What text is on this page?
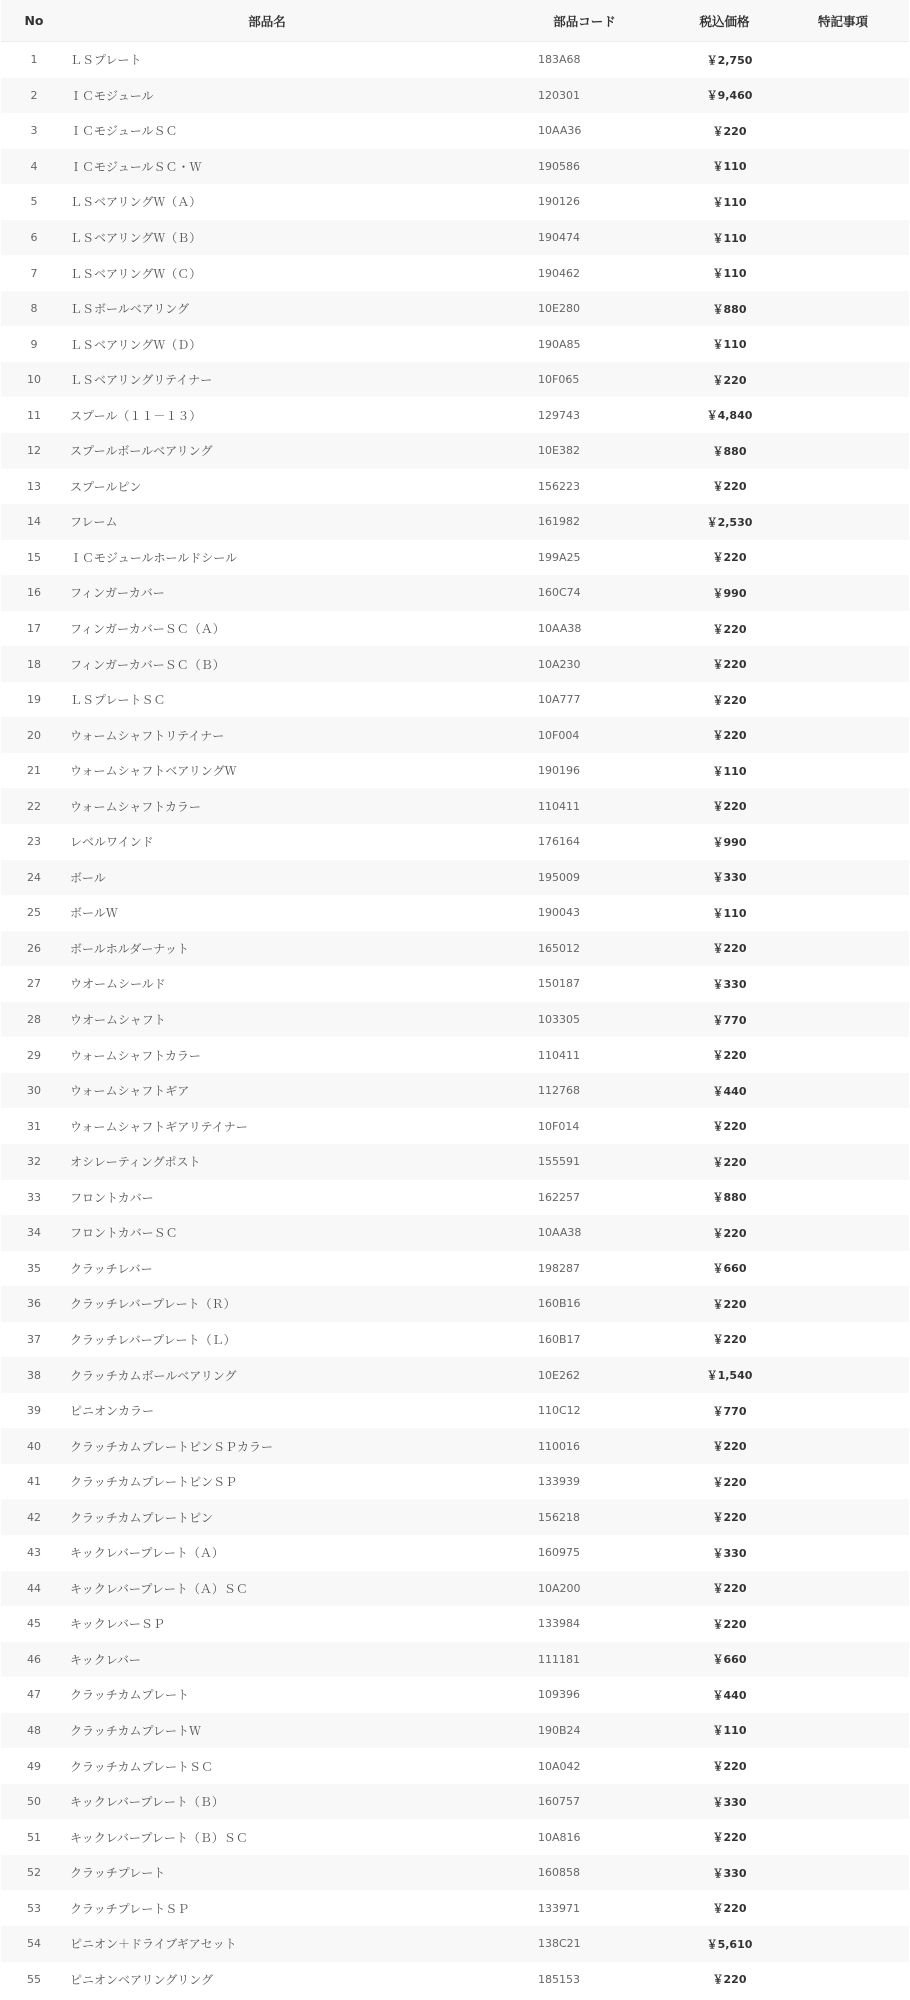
No	部品名	部品コード	税込価格	特記事項
1	ＬＳプレート	183A68	￥2,750
2	ＩＣモジュール	120301	￥9,460
3	ＩＣモジュールＳＣ	10AA36	￥220
4	ＩＣモジュールＳＣ・Ｗ	190586	￥110
5	ＬＳベアリングＷ（Ａ）	190126	￥110
6	ＬＳベアリングＷ（Ｂ）	190474	￥110
7	ＬＳベアリングＷ（Ｃ）	190462	￥110
8	ＬＳボールベアリング	10E280	￥880
9	ＬＳベアリングＷ（Ｄ）	190A85	￥110
10	ＬＳベアリングリテイナー	10F065	￥220
11	スプール（１１－１３）	129743	￥4,840
12	スプールボールベアリング	10E382	￥880
13	スプールピン	156223	￥220
14	フレーム	161982	￥2,530
15	ＩＣモジュールホールドシール	199A25	￥220
16	フィンガーカバー	160C74	￥990
17	フィンガーカバーＳＣ（Ａ）	10AA38	￥220
18	フィンガーカバーＳＣ（Ｂ）	10A230	￥220
19	ＬＳプレートＳＣ	10A777	￥220
20	ウォームシャフトリテイナー	10F004	￥220
21	ウォームシャフトベアリングＷ	190196	￥110
22	ウォームシャフトカラー	110411	￥220
23	レベルワインド	176164	￥990
24	ボール	195009	￥330
25	ボールＷ	190043	￥110
26	ボールホルダーナット	165012	￥220
27	ウオームシールド	150187	￥330
28	ウオームシャフト	103305	￥770
29	ウォームシャフトカラー	110411	￥220
30	ウォームシャフトギア	112768	￥440
31	ウォームシャフトギアリテイナー	10F014	￥220
32	オシレーティングポスト	155591	￥220
33	フロントカバー	162257	￥880
34	フロントカバーＳＣ	10AA38	￥220
35	クラッチレバー	198287	￥660
36	クラッチレバープレート（Ｒ）	160B16	￥220
37	クラッチレバープレート（Ｌ）	160B17	￥220
38	クラッチカムボールベアリング	10E262	￥1,540
39	ピニオンカラー	110C12	￥770
40	クラッチカムプレートピンＳＰカラー	110016	￥220
41	クラッチカムプレートピンＳＰ	133939	￥220
42	クラッチカムプレートピン	156218	￥220
43	キックレバープレート（Ａ）	160975	￥330
44	キックレバープレート（Ａ）ＳＣ	10A200	￥220
45	キックレバーＳＰ	133984	￥220
46	キックレバー	111181	￥660
47	クラッチカムプレート	109396	￥440
48	クラッチカムプレートＷ	190B24	￥110
49	クラッチカムプレートＳＣ	10A042	￥220
50	キックレバープレート（Ｂ）	160757	￥330
51	キックレバープレート（Ｂ）ＳＣ	10A816	￥220
52	クラッチプレート	160858	￥330
53	クラッチプレートＳＰ	133971	￥220
54	ピニオン＋ドライブギアセット	138C21	￥5,610
55	ピニオンベアリングリング	185153	￥220
